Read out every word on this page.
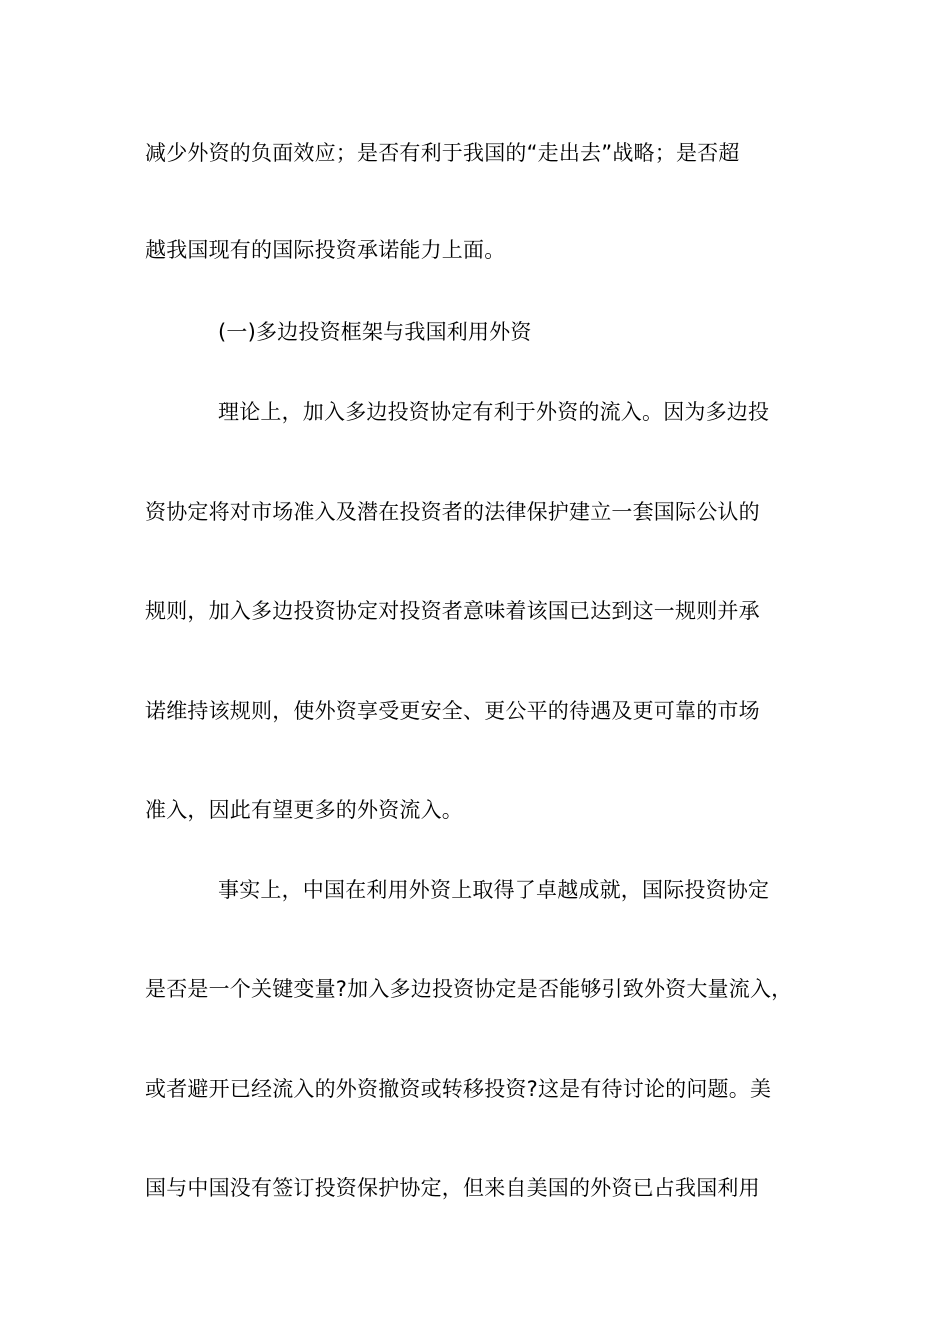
减少外资的负面效应；是否有利于我国的“走出去”战略；是否超
越我国现有的国际投资承诺能力上面。
(一)多边投资框架与我国利用外资
理论上，加入多边投资协定有利于外资的流入。因为多边投
资协定将对市场准入及潜在投资者的法律保护建立一套国际公认的
规则，加入多边投资协定对投资者意味着该国已达到这一规则并承
诺维持该规则，使外资享受更安全、更公平的待遇及更可靠的市场
准入，因此有望更多的外资流入。
事实上，中国在利用外资上取得了卓越成就，国际投资协定
是否是一个关键变量?加入多边投资协定是否能够引致外资大量流入，
或者避开已经流入的外资撤资或转移投资?这是有待讨论的问题。美
国与中国没有签订投资保护协定，但来自美国的外资已占我国利用
